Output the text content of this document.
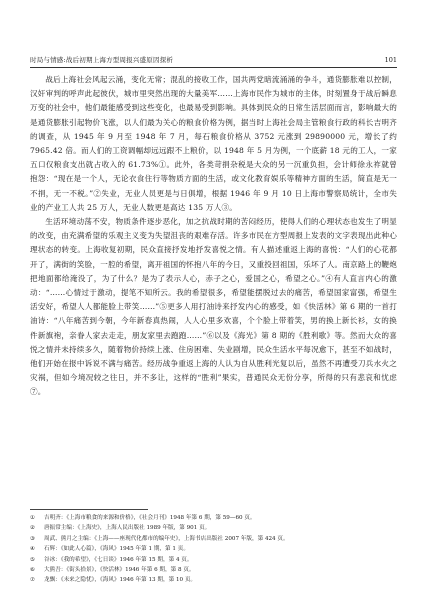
时局与情感:战后初期上海方型周报兴盛原因探析	101

战后上海社会风起云涌，变化无常；混乱的接收工作，国共两党暗流涌涌的争斗，通货膨胀难以控制，汉奸审判的呼声此起彼伏，城市里突然出现的大量美军……上海市民作为城市的主体，时刻置身于战后瞬息万变的社会中，他们最能感受到这些变化，也最易受到影响。具体到民众的日常生活层面而言，影响最大的是通货膨胀引起物价飞涨，以人们最为关心的粮食价格为例，据当时上海社会局主管粮食行政的科长吉明齐的调查，从 1945 年 9 月至 1948 年 7 月，每石粮食价格从 3752 元涨到 29890000 元，增长了约 7965.42 倍。而人们的工资调幅却远远跟不上粮价，以 1948 年 5 月为例，一个底薪 18 元的工人，一家五口仅粮食支出就占收入的 61.73%①。此外，各类苛捐杂税是大众的另一沉重负担，会计师徐永祚就曾抱怨：“现在是一个人，无论衣食住行等物质方面的生活，或文化教育娱乐等精神方面的生活，简直是无一不捐，无一不税。”②失业，无业人员更是与日俱增，根据 1946 年 9 月 10 日上海市警察局统计，全市失业的产业工人共 25 万人，无业人数更是高达 135 万人③。

生活环境动荡不安，物质条件逐步恶化，加之抗战时期的苦闷经历，使得人们的心理状态也发生了明显的改变，由充满希望的乐观主义变为失望沮丧的艰难存活。许多市民在方型周报上发表的文字表现出此种心理状态的转变。上海收复初期，民众直接抒发地抒发喜悦之情。有人描述重返上海的喜悦：“人们的心花都开了，满街的笑脸，一腔的希望，离开祖国的怀抱八年的今日，又重投回祖国，乐坏了人。南京路上的鞭炮把地面都给淹没了，为了什么？是为了表示人心，赤子之心，爱国之心，希望之心。”④有人直言内心的激动：“……心情过于激动，提笔不知所云。我的希望很多，希望能摆脱过去的痛苦，希望国家富强，希望生活安好，希望人人都能脸上带笑……”⑤更多人用打油诗来抒发内心的感受，如《快活林》第 6 期的一首打油诗：“八年痛苦到今朝，今年新春真热闹，人人心里多欢喜，个个脸上带着笑，男的换上新长衫，女的换件新旗袍，亲眷人家去走走，朋友家里去跑跑……”⑥以及《海光》第 8 期的《胜利歌》等。然而大众的喜悦之情并未持续多久，随着物价持续上涨、住房困难、失业剧增，民众生活水平每况愈下，甚至不如战时，他们开始在报中诉说不满与痛苦。经历战争重返上海的人认为自从胜利光复以后，虽然不再遭受刀兵水火之灾祸，但如今境况较之往日，并不多让，这样的“胜利”果实，普通民众无份分享，所得的只有悲哀和忧虑⑦。

① 吉明齐：《上海市粮食的来源和价格》，《社会月刊》1948 年第 6 期，第 59—60 页。
② 唐振常主编：《上海史》，上海人民出版社 1989 年版，第 901 页。
③ 周武、熊月之主编：《上海——座现代化都市的编年史》，上海书店出版社 2007 年版，第 424 页。
④ 石辉：《如此人心篇》，《海风》1945 年第 1 期，第 1 页。
⑤ 谷冰：《我的希望》，《七日谈》1946 年第 15 期，第 4 页。
⑥ 大熊吾：《街头拾景》，《快活林》1946 年第 6 期，第 8 页。
⑦ 龙飘：《未来之隐忧》，《海风》1946 年第 13 期，第 10 页。
